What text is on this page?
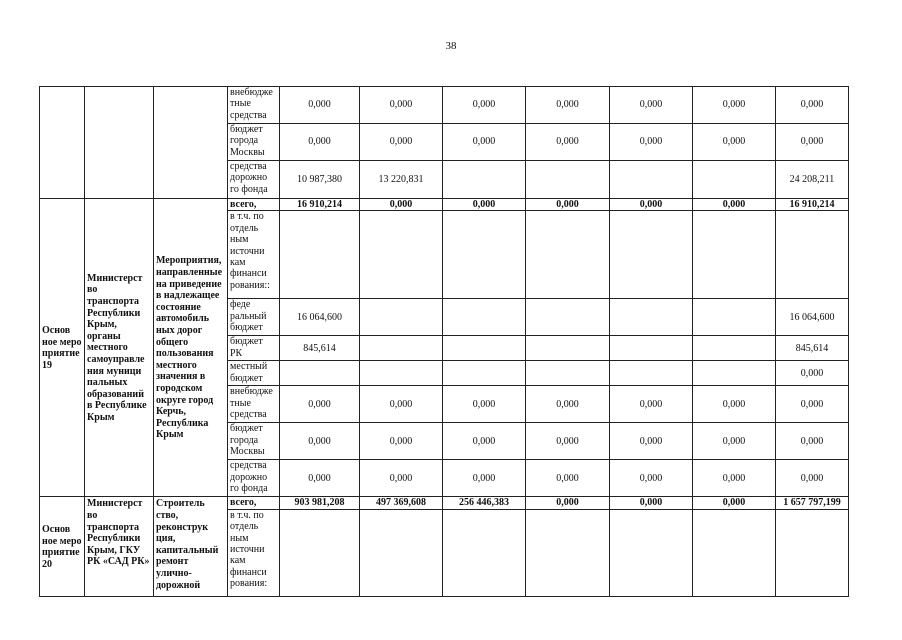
38
			внебюдже тные средства	0,000	0,000	0,000	0,000	0,000	0,000	0,000
			бюджет города Москвы	0,000	0,000	0,000	0,000	0,000	0,000	0,000
			средства дорожно го фонда	10 987,380	13 220,831					24 208,211
Основ ное меро приятие 19	Министерст во транспорта Республики Крым, органы местного самоуправле ния муници пальных образований в Республике Крым	Мероприятия, направленные на приведение в надлежащее состояние автомобиль ных дорог общего пользования местного значения в городском округе город Керчь, Республика Крым	всего,	16 910,214	0,000	0,000	0,000	0,000	0,000	16 910,214
			в т.ч. по отдель ным источни кам финанси рования::							
			феде ральный бюджет	16 064,600						16 064,600
			бюджет РК	845,614						845,614
			местный бюджет							0,000
			внебюдже тные средства	0,000	0,000	0,000	0,000	0,000	0,000	0,000
			бюджет города Москвы	0,000	0,000	0,000	0,000	0,000	0,000	0,000
			средства дорожно го фонда	0,000	0,000	0,000	0,000	0,000	0,000	0,000
Основ ное меро приятие 20	Министерст во транспорта Республики Крым, ГКУ РК «САД РК»	Строитель ство, реконструк ция, капитальный ремонт улично- дорожной	всего,	903 981,208	497 369,608	256 446,383	0,000	0,000	0,000	1 657 797,199
			в т.ч. по отдель ным источни кам финанси рования:							
